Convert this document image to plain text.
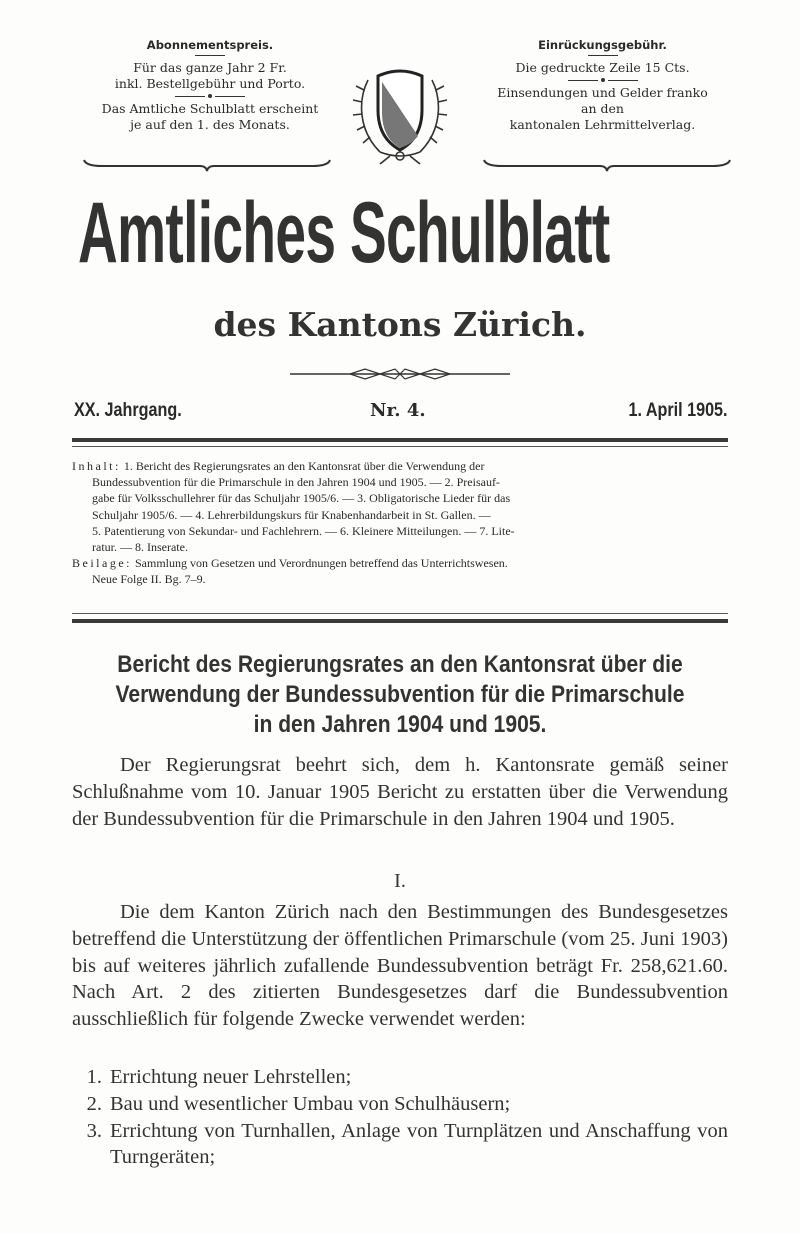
Abonnementspreis.
Für das ganze Jahr 2 Fr.
inkl. Bestellgebühr und Porto.
Das Amtliche Schulblatt erscheint
je auf den 1. des Monats.
Einrückungsgebühr.
Die gedruckte Zeile 15 Cts.
Einsendungen und Gelder franko
an den
kantonalen Lehrmittelverlag.
Amtliches Schulblatt
des Kantons Zürich.
XX. Jahrgang.	Nr. 4.	1. April 1905.
Inhalt: 1. Bericht des Regierungsrates an den Kantonsrat über die Verwendung der
Bundessubvention für die Primarschule in den Jahren 1904 und 1905. — 2. Preisauf-
gabe für Volksschullehrer für das Schuljahr 1905/6. — 3. Obligatorische Lieder für das
Schuljahr 1905/6. — 4. Lehrerbildungskurs für Knabenhandarbeit in St. Gallen. —
5. Patentierung von Sekundar- und Fachlehrern. — 6. Kleinere Mitteilungen. — 7. Lite-
ratur. — 8. Inserate.
Beilage: Sammlung von Gesetzen und Verordnungen betreffend das Unterrichtswesen.
Neue Folge II. Bg. 7–9.
Bericht des Regierungsrates an den Kantonsrat über die
Verwendung der Bundessubvention für die Primarschule
in den Jahren 1904 und 1905.

Der Regierungsrat beehrt sich, dem h. Kantonsrate gemäß seiner Schlußnahme vom 10. Januar 1905 Bericht zu erstatten über die Verwendung der Bundessubvention für die Primarschule in den Jahren 1904 und 1905.

I.

Die dem Kanton Zürich nach den Bestimmungen des Bundesgesetzes betreffend die Unterstützung der öffentlichen Primarschule (vom 25. Juni 1903) bis auf weiteres jährlich zufallende Bundessubvention beträgt Fr. 258,621.60. Nach Art. 2 des zitierten Bundesgesetzes darf die Bundessubvention ausschließlich für folgende Zwecke verwendet werden:

1. Errichtung neuer Lehrstellen;
2. Bau und wesentlicher Umbau von Schulhäusern;
3. Errichtung von Turnhallen, Anlage von Turnplätzen und Anschaffung von Turngeräten;
